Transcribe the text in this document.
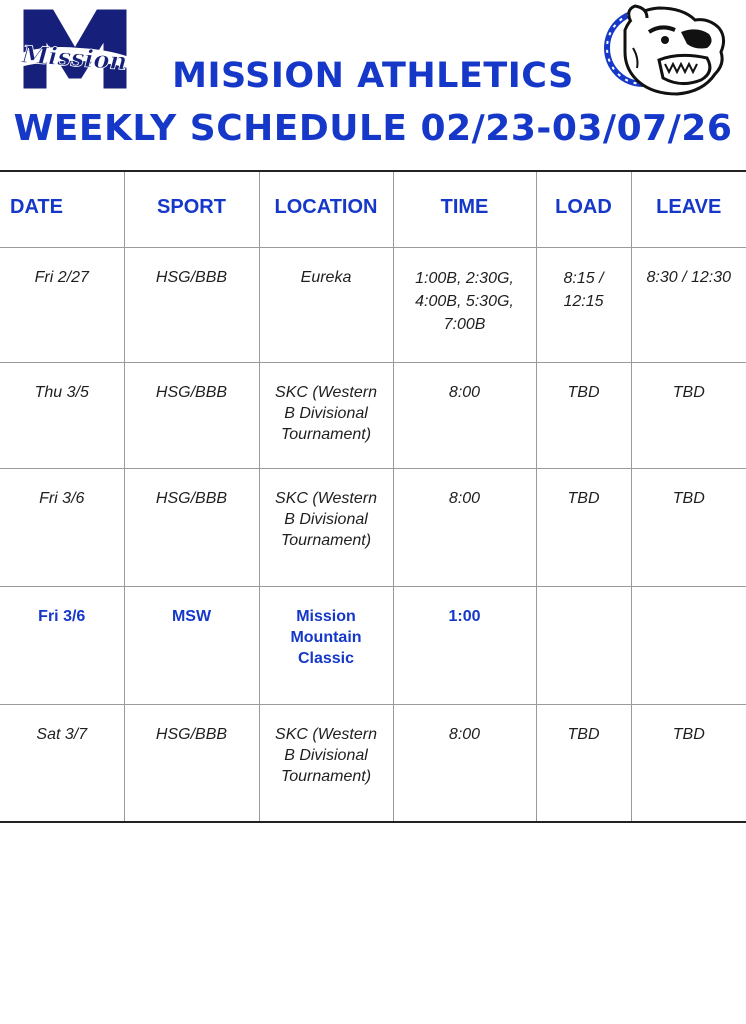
Mission	MISSION ATHLETICS
WEEKLY SCHEDULE 02/23-03/07/26
DATE	SPORT	LOCATION	TIME	LOAD	LEAVE
Fri 2/27	HSG/BBB	Eureka	1:00B, 2:30G, 4:00B, 5:30G, 7:00B	8:15 / 12:15	8:30 / 12:30
Thu 3/5	HSG/BBB	SKC (Western B Divisional Tournament)	8:00	TBD	TBD
Fri 3/6	HSG/BBB	SKC (Western B Divisional Tournament)	8:00	TBD	TBD
Fri 3/6	MSW	Mission Mountain Classic	1:00		
Sat 3/7	HSG/BBB	SKC (Western B Divisional Tournament)	8:00	TBD	TBD
